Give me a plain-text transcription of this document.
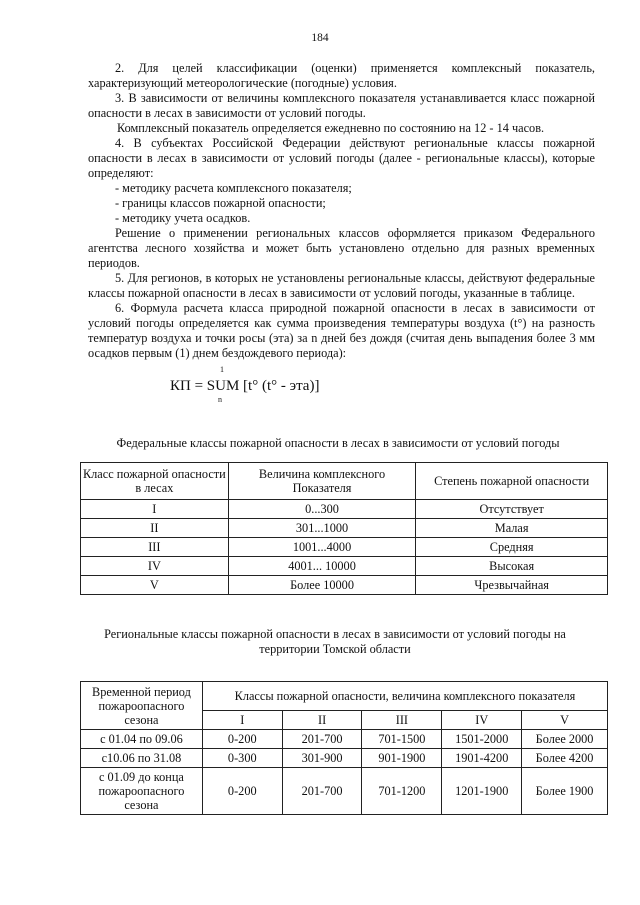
184

2. Для целей классификации (оценки) применяется комплексный показатель, характеризующий метеорологические (погодные) условия.

3. В зависимости от величины комплексного показателя устанавливается класс пожарной опасности в лесах в зависимости от условий погоды.

Комплексный показатель определяется ежедневно по состоянию на 12 - 14 часов.

4. В субъектах Российской Федерации действуют региональные классы пожарной опасности в лесах в зависимости от условий погоды (далее - региональные классы), которые определяют:

- методику расчета комплексного показателя;

- границы классов пожарной опасности;

- методику учета осадков.

Решение о применении региональных классов оформляется приказом Федерального агентства лесного хозяйства и может быть установлено отдельно для разных временных периодов.

5. Для регионов, в которых не установлены региональные классы, действуют федеральные классы пожарной опасности в лесах в зависимости от условий погоды, указанные в таблице.

6. Формула расчета класса природной пожарной опасности в лесах в зависимости от условий погоды определяется как сумма произведения температуры воздуха (t°) на разность температур воздуха и точки росы (эта) за n дней без дождя (считая день выпадения более 3 мм осадков первым (1) днем бездождевого периода):

1
КП = SUM [t° (t° - эта)]
n
Федеральные классы пожарной опасности в лесах в зависимости от условий погоды
Класс пожарной опасности в лесах	Величина комплексного Показателя	Степень пожарной опасности
I	0...300	Отсутствует
II	301...1000	Малая
III	1001...4000	Средняя
IV	4001... 10000	Высокая
V	Более 10000	Чрезвычайная
Региональные классы пожарной опасности в лесах в зависимости от условий погоды на территории Томской области
Временной период пожароопасного сезона	Классы пожарной опасности, величина комплексного показателя				
	I	II	III	IV	V
с 01.04 по 09.06	0-200	201-700	701-1500	1501-2000	Более 2000
с10.06 по 31.08	0-300	301-900	901-1900	1901-4200	Более 4200
с 01.09 до конца пожароопасного сезона	0-200	201-700	701-1200	1201-1900	Более 1900
